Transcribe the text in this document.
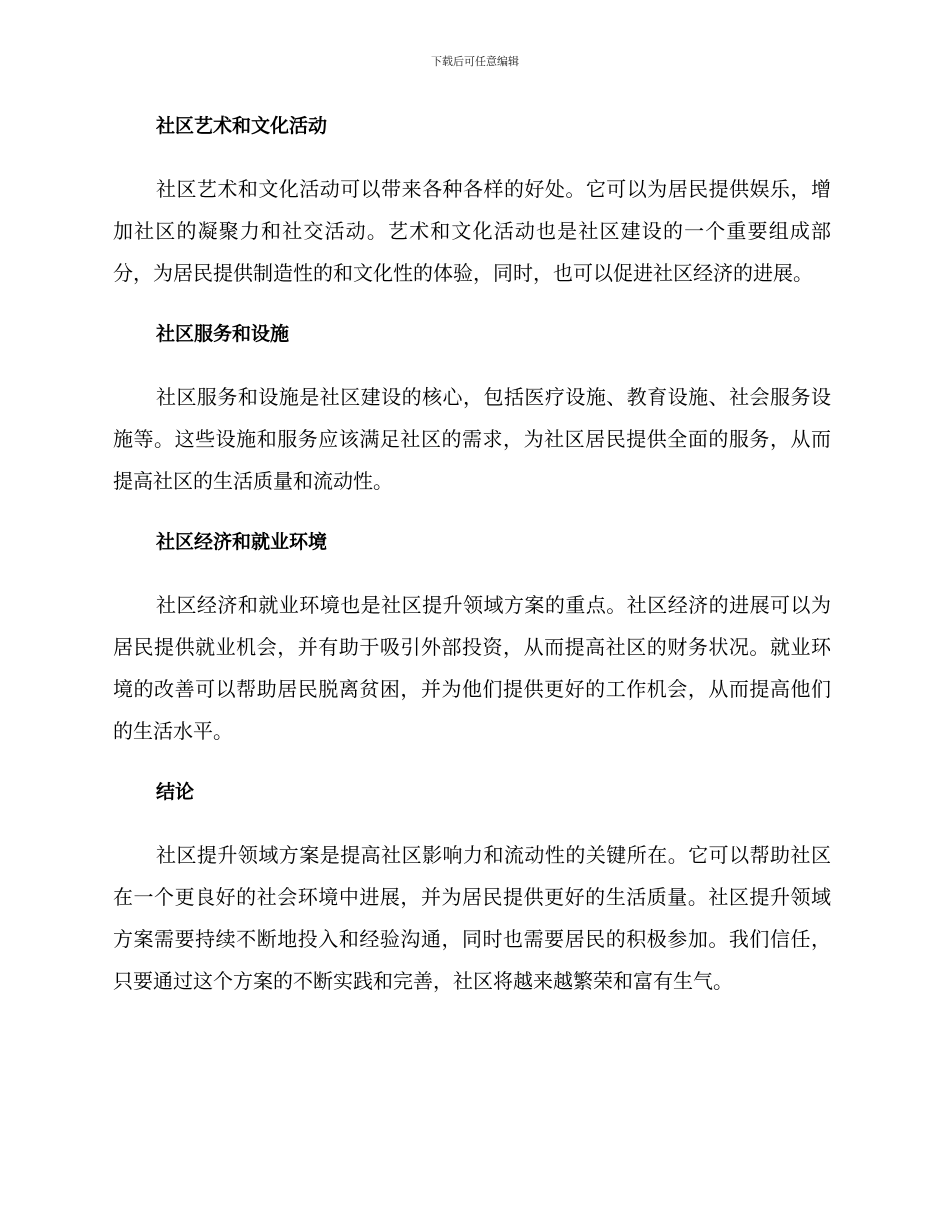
下载后可任意编辑
社区艺术和文化活动

社区艺术和文化活动可以带来各种各样的好处。它可以为居民提供娱乐，增加社区的凝聚力和社交活动。艺术和文化活动也是社区建设的一个重要组成部分，为居民提供制造性的和文化性的体验，同时，也可以促进社区经济的进展。

社区服务和设施

社区服务和设施是社区建设的核心，包括医疗设施、教育设施、社会服务设施等。这些设施和服务应该满足社区的需求，为社区居民提供全面的服务，从而提高社区的生活质量和流动性。

社区经济和就业环境

社区经济和就业环境也是社区提升领域方案的重点。社区经济的进展可以为居民提供就业机会，并有助于吸引外部投资，从而提高社区的财务状况。就业环境的改善可以帮助居民脱离贫困，并为他们提供更好的工作机会，从而提高他们的生活水平。

结论

社区提升领域方案是提高社区影响力和流动性的关键所在。它可以帮助社区在一个更良好的社会环境中进展，并为居民提供更好的生活质量。社区提升领域方案需要持续不断地投入和经验沟通，同时也需要居民的积极参加。我们信任，只要通过这个方案的不断实践和完善，社区将越来越繁荣和富有生气。
